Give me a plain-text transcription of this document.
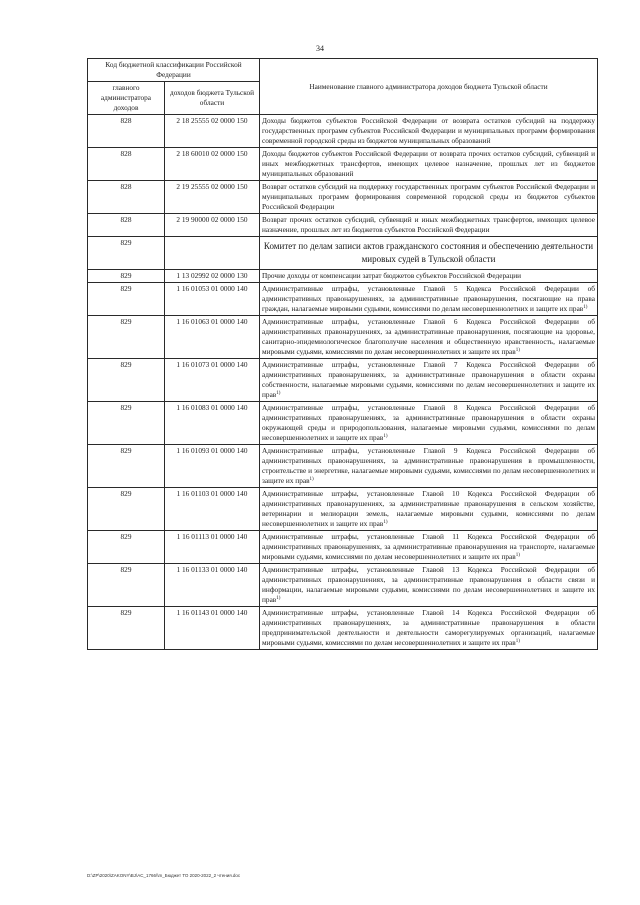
34
Код бюджетной классификации Российской Федерации		Наименование главного администратора доходов бюджета Тульской области
главного администратора доходов	доходов бюджета Тульской области	
828	2 18 25555 02 0000 150	Доходы бюджетов субъектов Российской Федерации от возврата остатков субсидий на поддержку государственных программ субъектов Российской Федерации и муниципальных программ формирования современной городской среды из бюджетов муниципальных образований
828	2 18 60010 02 0000 150	Доходы бюджетов субъектов Российской Федерации от возврата прочих остатков субсидий, субвенций и иных межбюджетных трансфертов, имеющих целевое назначение, прошлых лет из бюджетов муниципальных образований
828	2 19 25555 02 0000 150	Возврат остатков субсидий на поддержку государственных программ субъектов Российской Федерации и муниципальных программ формирования современной городской среды из бюджетов субъектов Российской Федерации
828	2 19 90000 02 0000 150	Возврат прочих остатков субсидий, субвенций и иных межбюджетных трансфертов, имеющих целевое назначение, прошлых лет из бюджетов субъектов Российской Федерации
829		Комитет по делам записи актов гражданского состояния и обеспечению деятельности мировых судей в Тульской области
829	1 13 02992 02 0000 130	Прочие доходы от компенсации затрат бюджетов субъектов Российской Федерации
829	1 16 01053 01 0000 140	Административные штрафы, установленные Главой 5 Кодекса Российской Федерации об административных правонарушениях, за административные правонарушения, посягающие на права граждан, налагаемые мировыми судьями, комиссиями по делам несовершеннолетних и защите их прав$^{1)}$
829	1 16 01063 01 0000 140	Административные штрафы, установленные Главой 6 Кодекса Российской Федерации об административных правонарушениях, за административные правонарушения, посягающие на здоровье, санитарно-эпидемиологическое благополучие населения и общественную нравственность, налагаемые мировыми судьями, комиссиями по делам несовершеннолетних и защите их прав$^{1)}$
829	1 16 01073 01 0000 140	Административные штрафы, установленные Главой 7 Кодекса Российской Федерации об административных правонарушениях, за административные правонарушения в области охраны собственности, налагаемые мировыми судьями, комиссиями по делам несовершеннолетних и защите их прав$^{1)}$
829	1 16 01083 01 0000 140	Административные штрафы, установленные Главой 8 Кодекса Российской Федерации об административных правонарушениях, за административные правонарушения в области охраны окружающей среды и природопользования, налагаемые мировыми судьями, комиссиями по делам несовершеннолетних и защите их прав$^{1)}$
829	1 16 01093 01 0000 140	Административные штрафы, установленные Главой 9 Кодекса Российской Федерации об административных правонарушениях, за административные правонарушения в промышленности, строительстве и энергетике, налагаемые мировыми судьями, комиссиями по делам несовершеннолетних и защите их прав$^{1)}$
829	1 16 01103 01 0000 140	Административные штрафы, установленные Главой 10 Кодекса Российской Федерации об административных правонарушениях, за административные правонарушения в сельском хозяйстве, ветеринарии и мелиорации земель, налагаемые мировыми судьями, комиссиями по делам несовершеннолетних и защите их прав$^{1)}$
829	1 16 01113 01 0000 140	Административные штрафы, установленные Главой 11 Кодекса Российской Федерации об административных правонарушениях, за административные правонарушения на транспорте, налагаемые мировыми судьями, комиссиями по делам несовершеннолетних и защите их прав$^{1)}$
829	1 16 01133 01 0000 140	Административные штрафы, установленные Главой 13 Кодекса Российской Федерации об административных правонарушениях, за административные правонарушения в области связи и информации, налагаемые мировыми судьями, комиссиями по делам несовершеннолетних и защите их прав$^{1)}$
829	1 16 01143 01 0000 140	Административные штрафы, установленные Главой 14 Кодекса Российской Федерации об административных правонарушениях, за административные правонарушения в области предпринимательской деятельности и деятельности саморегулируемых организаций, налагаемые мировыми судьями, комиссиями по делам несовершеннолетних и защите их прав$^{1)}$
D:\ZP\2020\ZAKONY\BJ\AC_1766\\m_Бюджет ТО 2020-2022_2 чтения.doc
